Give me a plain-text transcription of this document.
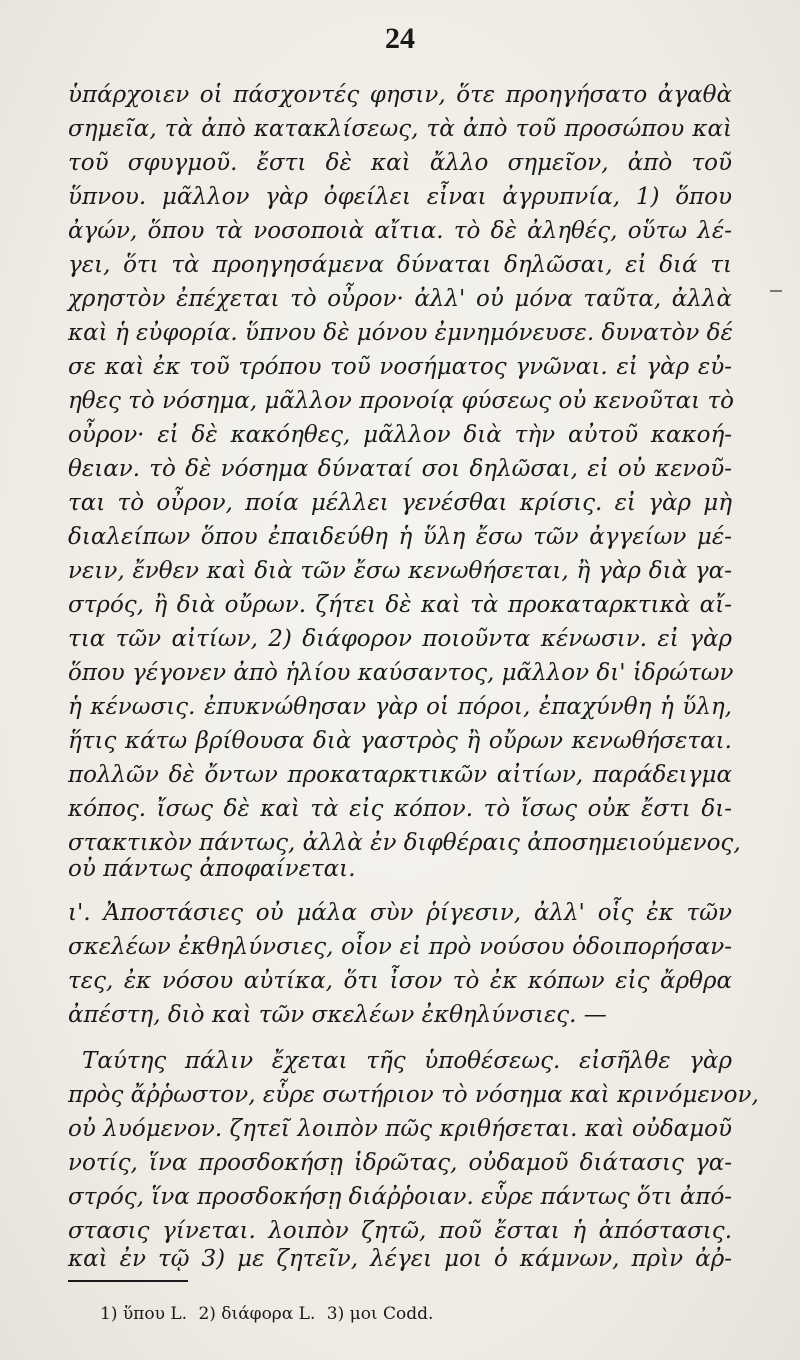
24
ὑπάρχοιεν οἱ πάσχοντές φησιν, ὅτε προηγήσατο ἀγαθὰ
σημεῖα, τὰ ἀπὸ κατακλίσεως, τὰ ἀπὸ τοῦ προσώπου καὶ
τοῦ σφυγμοῦ. ἔστι δὲ καὶ ἄλλο σημεῖον, ἀπὸ τοῦ
ὕπνου. μᾶλλον γὰρ ὀφείλει εἶναι ἀγρυπνία, 1) ὅπου
ἀγών, ὅπου τὰ νοσοποιὰ αἴτια. τὸ δὲ ἀληθές, οὕτω λέ-
γει, ὅτι τὰ προηγησάμενα δύναται δηλῶσαι, εἰ διά τι
χρηστὸν ἐπέχεται τὸ οὖρον· ἀλλ' οὐ μόνα ταῦτα, ἀλλὰ
καὶ ἡ εὐφορία. ὕπνου δὲ μόνου ἐμνημόνευσε. δυνατὸν δέ
σε καὶ ἐκ τοῦ τρόπου τοῦ νοσήματος γνῶναι. εἰ γὰρ εὐ-
ηθες τὸ νόσημα, μᾶλλον προνοίᾳ φύσεως οὐ κενοῦται τὸ
οὖρον· εἰ δὲ κακόηθες, μᾶλλον διὰ τὴν αὐτοῦ κακοή-
θειαν. τὸ δὲ νόσημα δύναταί σοι δηλῶσαι, εἰ οὐ κενοῦ-
ται τὸ οὖρον, ποία μέλλει γενέσθαι κρίσις. εἰ γὰρ μὴ
διαλείπων ὅπου ἐπαιδεύθη ἡ ὕλη ἔσω τῶν ἀγγείων μέ-
νειν, ἔνθεν καὶ διὰ τῶν ἔσω κενωθήσεται, ἢ γὰρ διὰ γα-
στρός, ἢ διὰ οὔρων. ζήτει δὲ καὶ τὰ προκαταρκτικὰ αἴ-
τια τῶν αἰτίων, 2) διάφορον ποιοῦντα κένωσιν. εἰ γὰρ
ὅπου γέγονεν ἀπὸ ἡλίου καύσαντος, μᾶλλον δι' ἱδρώτων
ἡ κένωσις. ἐπυκνώθησαν γὰρ οἱ πόροι, ἐπαχύνθη ἡ ὕλη,
ἥτις κάτω βρίθουσα διὰ γαστρὸς ἢ οὔρων κενωθήσεται.
πολλῶν δὲ ὄντων προκαταρκτικῶν αἰτίων, παράδειγμα
κόπος. ἴσως δὲ καὶ τὰ εἰς κόπον. τὸ ἴσως οὐκ ἔστι δι-
στακτικὸν πάντως, ἀλλὰ ἐν διφθέραις ἀποσημειούμενος,
οὐ πάντως ἀποφαίνεται.
ι'. Ἀποστάσιες οὐ μάλα σὺν ῥίγεσιν, ἀλλ' οἷς ἐκ τῶν
σκελέων ἐκθηλύνσιες, οἷον εἰ πρὸ νούσου ὁδοιπορήσαν-
τες, ἐκ νόσου αὐτίκα, ὅτι ἶσον τὸ ἐκ κόπων εἰς ἄρθρα
ἀπέστη, διὸ καὶ τῶν σκελέων ἐκθηλύνσιες. —
Ταύτης πάλιν ἔχεται τῆς ὑποθέσεως. εἰσῆλθε γὰρ
πρὸς ἄῤῥωστον, εὗρε σωτήριον τὸ νόσημα καὶ κρινόμενον,
οὐ λυόμενον. ζητεῖ λοιπὸν πῶς κριθήσεται. καὶ οὐδαμοῦ
νοτίς, ἵνα προσδοκήσῃ ἱδρῶτας, οὐδαμοῦ διάτασις γα-
στρός, ἵνα προσδοκήσῃ διάῤῥοιαν. εὗρε πάντως ὅτι ἀπό-
στασις γίνεται. λοιπὸν ζητῶ, ποῦ ἔσται ἡ ἀπόστασις.
καὶ ἐν τῷ 3) με ζητεῖν, λέγει μοι ὁ κάμνων, πρὶν ἀῤ-
1) ὕπου L. 2) διάφορα L. 3) μοι Codd.
